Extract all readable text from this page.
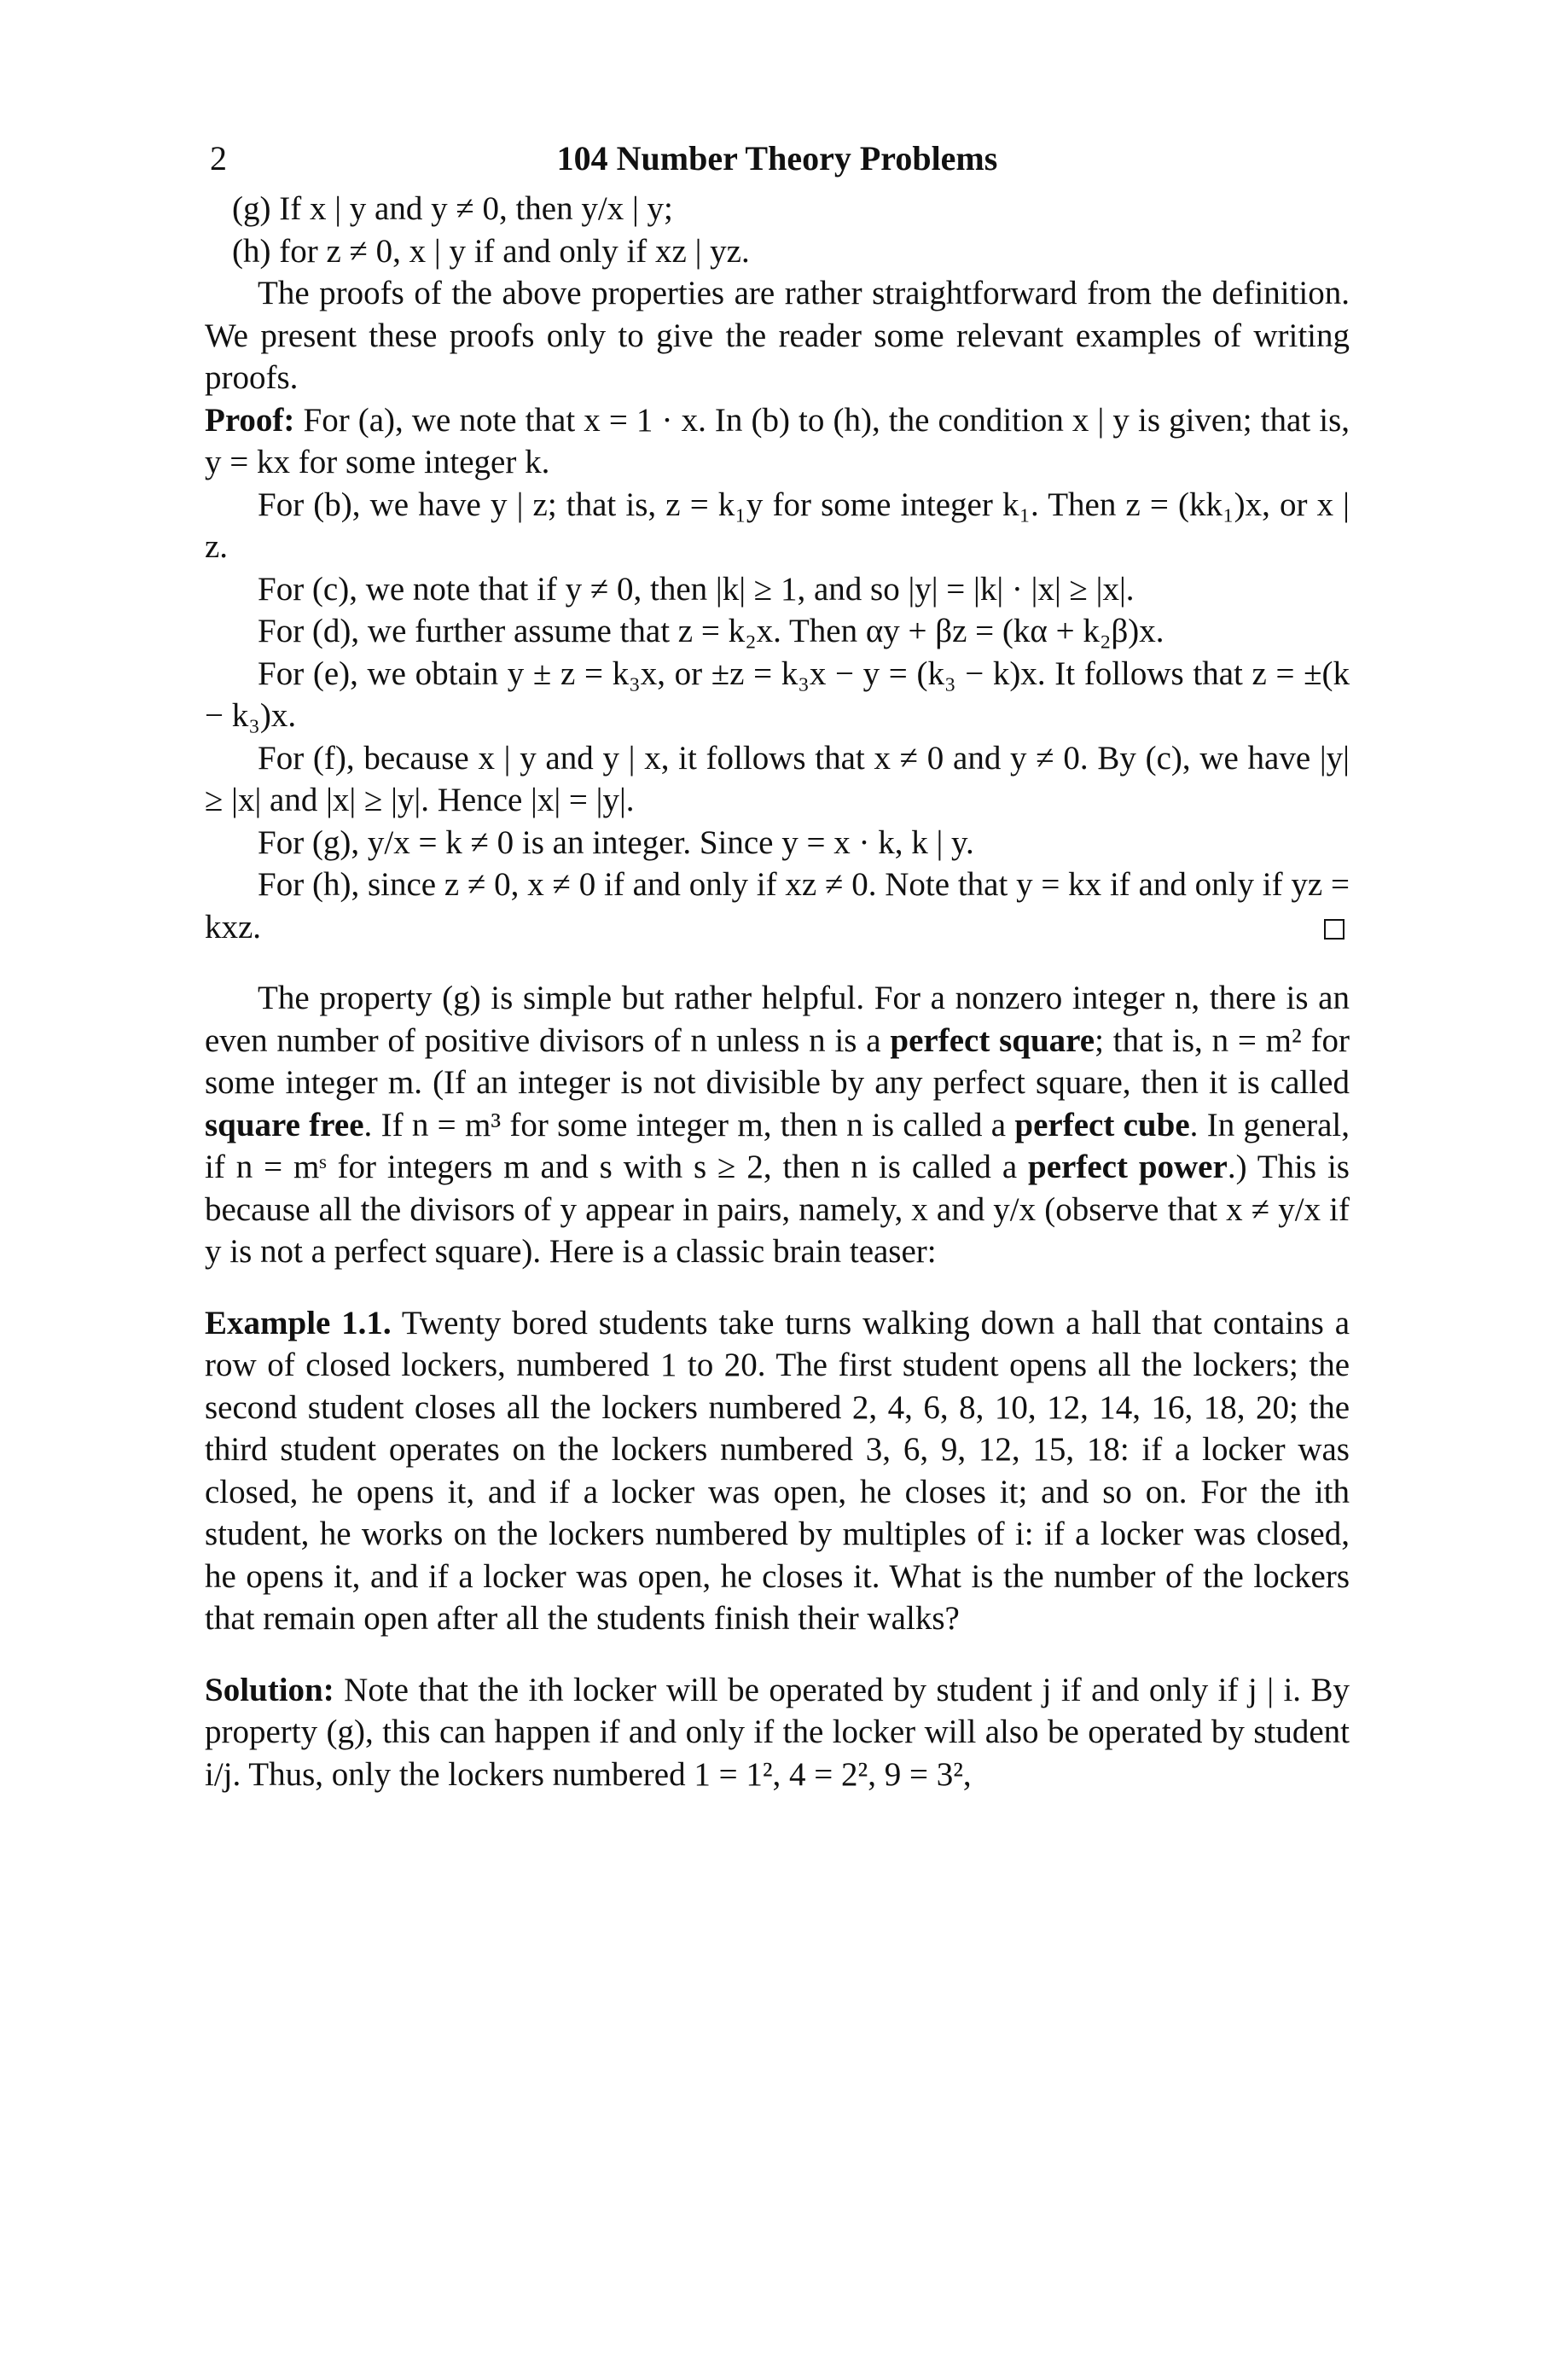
2	104 Number Theory Problems

(g) If x | y and y ≠ 0, then y/x | y;

(h) for z ≠ 0, x | y if and only if xz | yz.

The proofs of the above properties are rather straightforward from the definition. We present these proofs only to give the reader some relevant examples of writing proofs.

Proof: For (a), we note that x = 1 · x. In (b) to (h), the condition x | y is given; that is, y = kx for some integer k.

For (b), we have y | z; that is, z = k₁y for some integer k₁. Then z = (kk₁)x, or x | z.

For (c), we note that if y ≠ 0, then |k| ≥ 1, and so |y| = |k| · |x| ≥ |x|.

For (d), we further assume that z = k₂x. Then αy + βz = (kα + k₂β)x.

For (e), we obtain y ± z = k₃x, or ±z = k₃x − y = (k₃ − k)x. It follows that z = ±(k − k₃)x.

For (f), because x | y and y | x, it follows that x ≠ 0 and y ≠ 0. By (c), we have |y| ≥ |x| and |x| ≥ |y|. Hence |x| = |y|.

For (g), y/x = k ≠ 0 is an integer. Since y = x · k, k | y.

For (h), since z ≠ 0, x ≠ 0 if and only if xz ≠ 0. Note that y = kx if and only if yz = kxz.

The property (g) is simple but rather helpful. For a nonzero integer n, there is an even number of positive divisors of n unless n is a perfect square; that is, n = m² for some integer m. (If an integer is not divisible by any perfect square, then it is called square free. If n = m³ for some integer m, then n is called a perfect cube. In general, if n = mˢ for integers m and s with s ≥ 2, then n is called a perfect power.) This is because all the divisors of y appear in pairs, namely, x and y/x (observe that x ≠ y/x if y is not a perfect square). Here is a classic brain teaser:

Example 1.1. Twenty bored students take turns walking down a hall that contains a row of closed lockers, numbered 1 to 20. The first student opens all the lockers; the second student closes all the lockers numbered 2, 4, 6, 8, 10, 12, 14, 16, 18, 20; the third student operates on the lockers numbered 3, 6, 9, 12, 15, 18: if a locker was closed, he opens it, and if a locker was open, he closes it; and so on. For the ith student, he works on the lockers numbered by multiples of i: if a locker was closed, he opens it, and if a locker was open, he closes it. What is the number of the lockers that remain open after all the students finish their walks?

Solution: Note that the ith locker will be operated by student j if and only if j | i. By property (g), this can happen if and only if the locker will also be operated by student i/j. Thus, only the lockers numbered 1 = 1², 4 = 2², 9 = 3²,
